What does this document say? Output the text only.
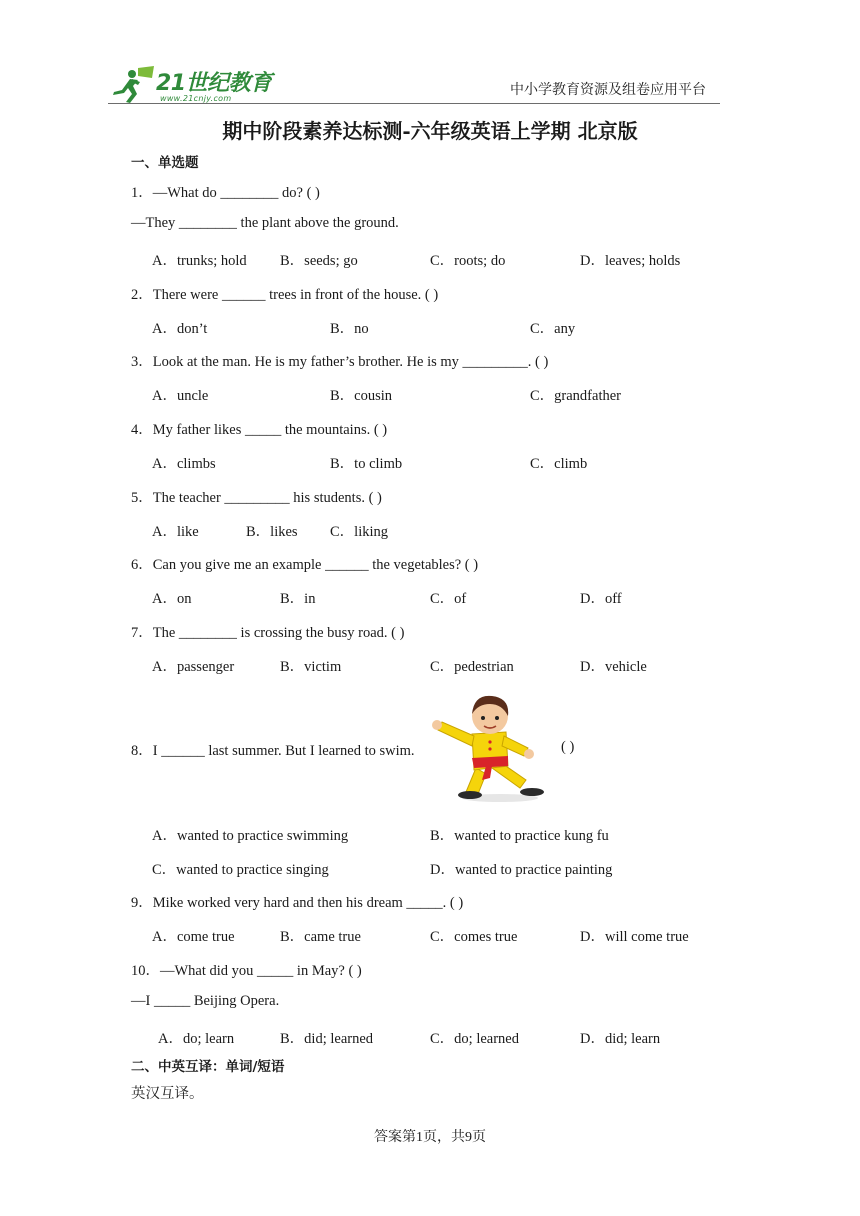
21世纪教育
www.21cnjy.com
中小学教育资源及组卷应用平台
期中阶段素养达标测-六年级英语上学期 北京版
一、单选题
1．—What do ________ do? ( )
—They ________ the plant above the ground.
A．trunks; hold B．seeds; go	C．roots; do	D．leaves; holds
2．There were ______ trees in front of the house. ( )
A．don’t	B．no	C．any
3．Look at the man. He is my father’s brother. He is my _________. ( )
A．uncle	B．cousin	C．grandfather
4．My father likes _____ the mountains. ( )
A．climbs	B．to climb	C．climb
5．The teacher _________ his students. ( )
A．like	B．likes C．liking
6．Can you give me an example ______ the vegetables? ( )
A．on	B．in	C．of	D．off
7．The ________ is crossing the busy road. ( )
A．passenger	B．victim	C．pedestrian	D．vehicle
8．I ______ last summer. But I learned to swim.	( )
A．wanted to practice swimming	B．wanted to practice kung fu
C．wanted to practice singing	D．wanted to practice painting
9．Mike worked very hard and then his dream _____. ( )
A．come true	B．came true	C．comes true	D．will come true
10．—What did you _____ in May? ( )
—I _____ Beijing Opera.
A．do; learn	B．did; learned	C．do; learned	D．did; learn
二、中英互译：单词/短语
英汉互译。
答案第1页，共9页
